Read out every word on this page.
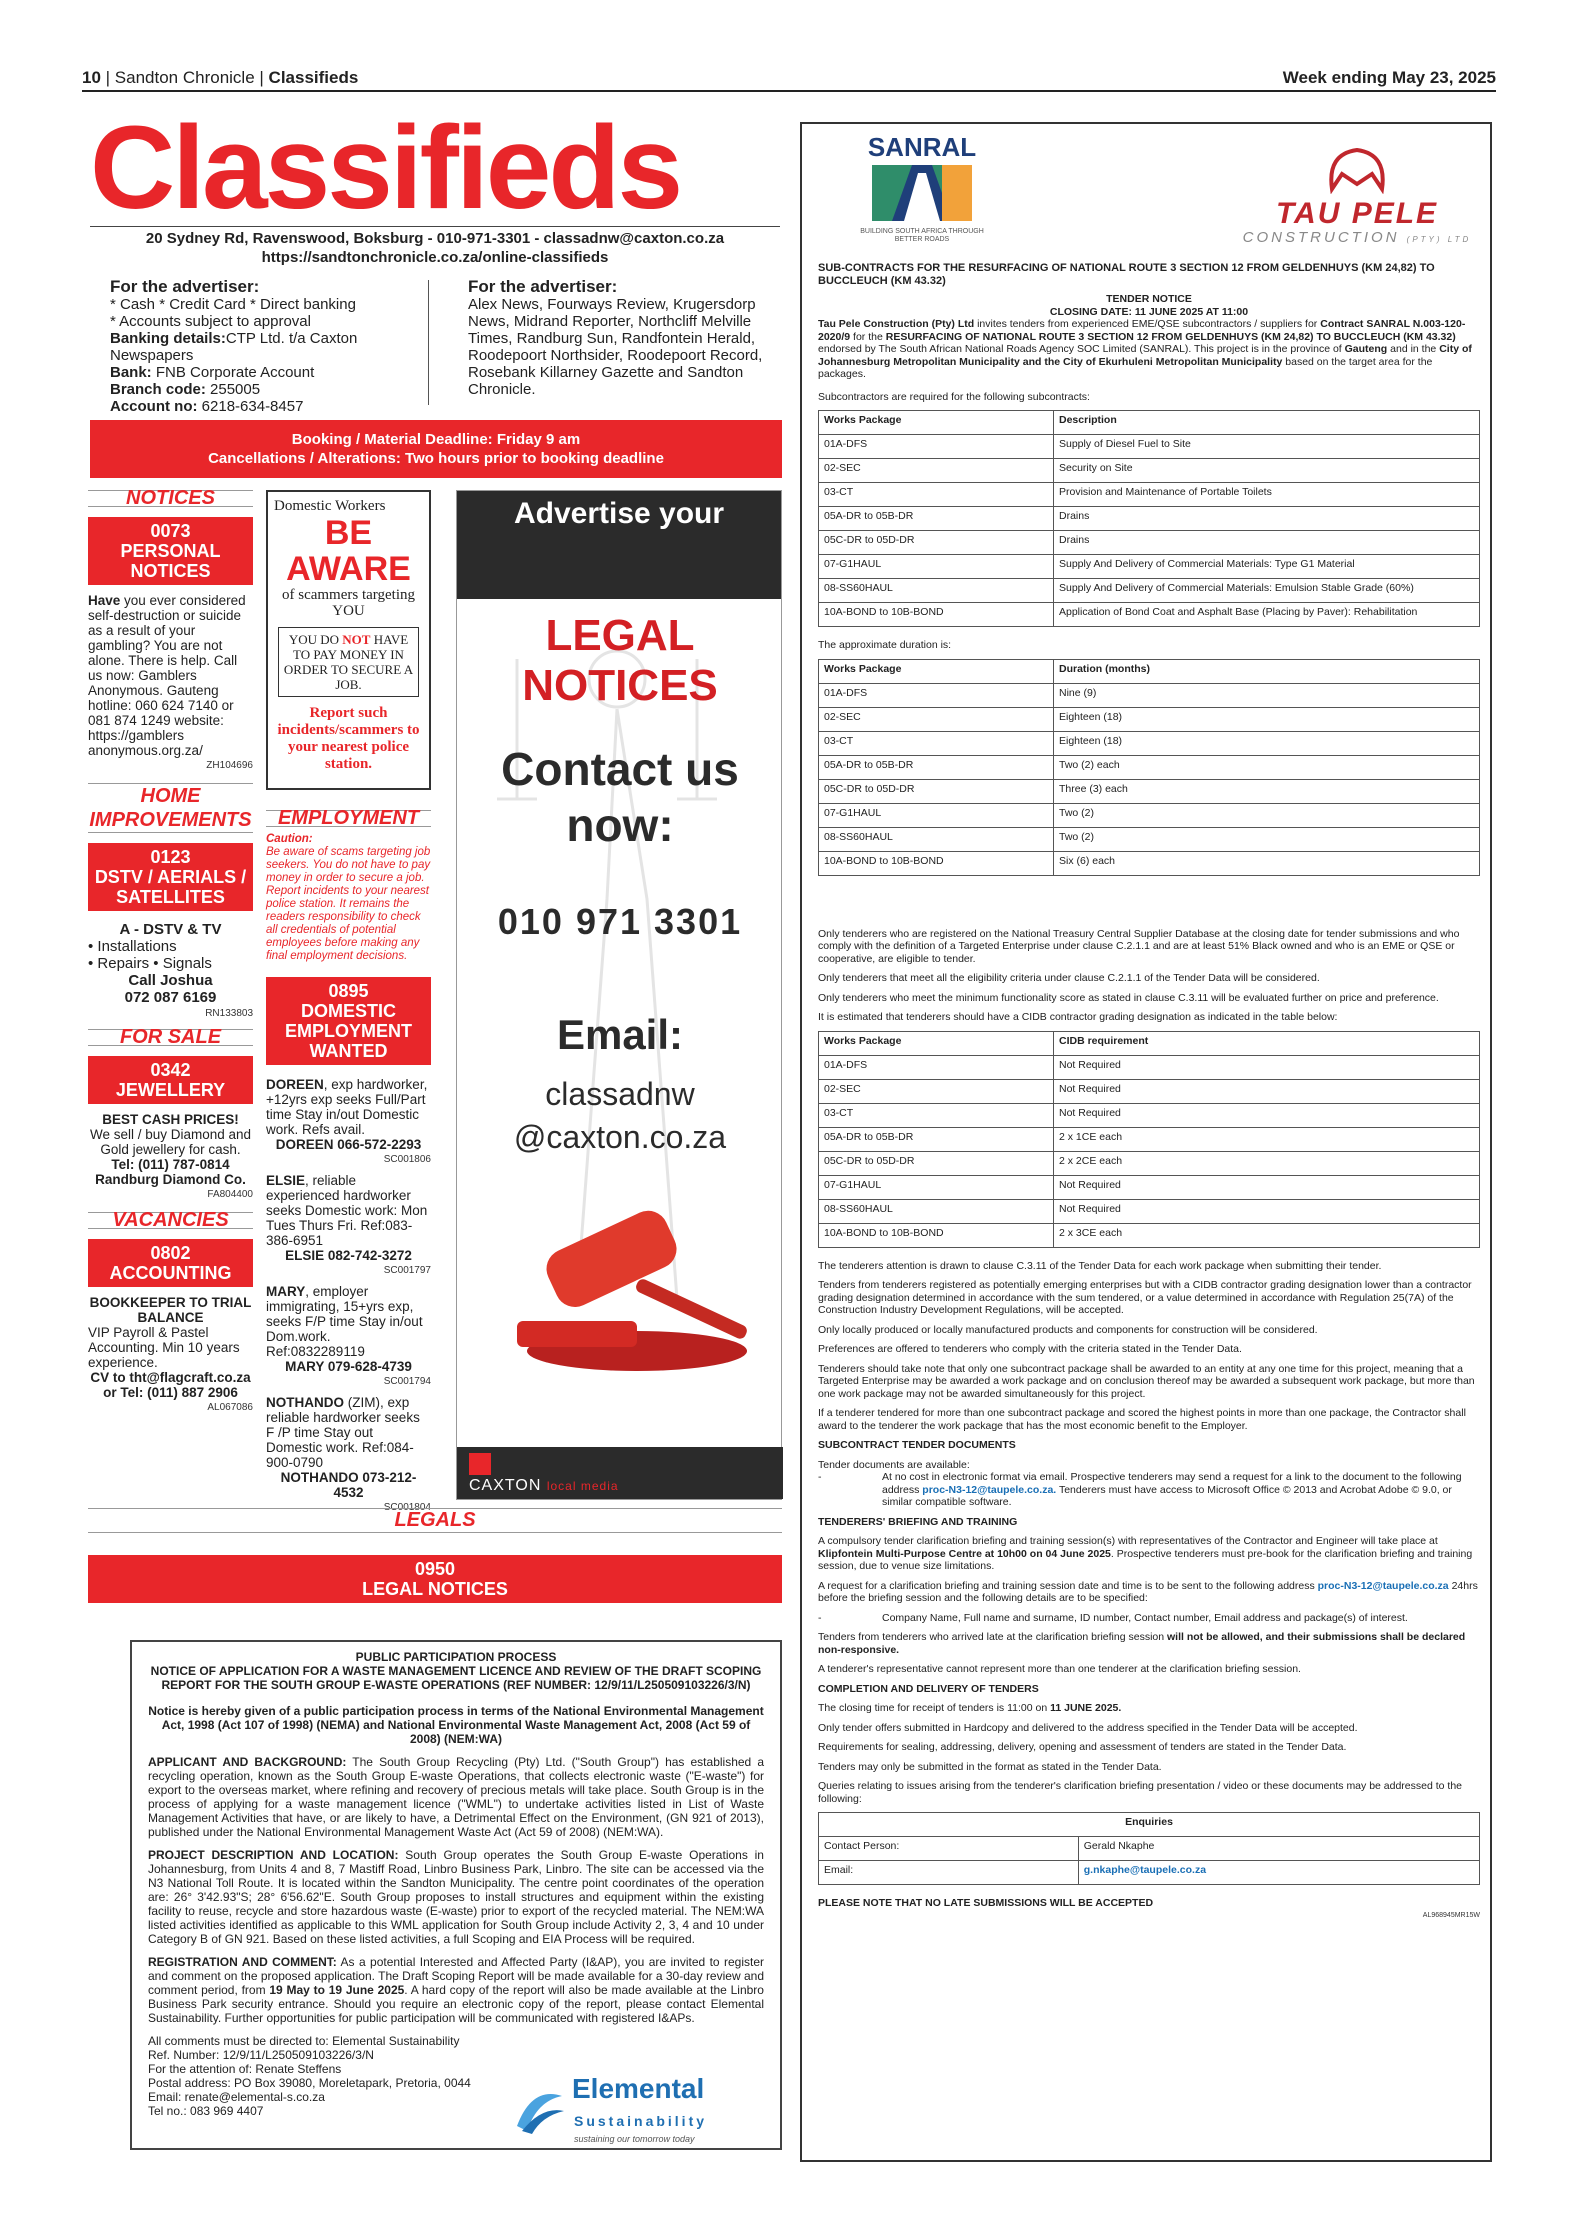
10 | Sandton Chronicle | Classifieds	Week ending May 23, 2025
Classifieds
20 Sydney Rd, Ravenswood, Boksburg - 010-971-3301 - classadnw@caxton.co.za
https://sandtonchronicle.co.za/online-classifieds
For the advertiser:
* Cash * Credit Card * Direct banking
* Accounts subject to approval
Banking details:CTP Ltd. t/a Caxton Newspapers
Bank: FNB Corporate Account
Branch code: 255005
Account no: 6218-634-8457
For the advertiser:
Alex News, Fourways Review, Krugersdorp News, Midrand Reporter, Northcliff Melville Times, Randburg Sun, Randfontein Herald, Roodepoort Northsider, Roodepoort Record, Rosebank Killarney Gazette and Sandton Chronicle.
Booking / Material Deadline: Friday 9 am
Cancellations / Alterations: Two hours prior to booking deadline
NOTICES
0073
PERSONAL NOTICES
Have you ever considered self-destruction or suicide as a result of your gambling? You are not alone. There is help. Call us now: Gamblers Anonymous. Gauteng hotline: 060 624 7140 or 081 874 1249 website: https://gamblers anonymous.org.za/
ZH104696
HOME IMPROVEMENTS
0123
DSTV / AERIALS / SATELLITES
A - DSTV & TV
• Installations
• Repairs • Signals
Call Joshua
072 087 6169
RN133803
FOR SALE
0342
JEWELLERY
BEST CASH PRICES!
We sell / buy Diamond and Gold jewellery for cash.
Tel: (011) 787-0814
Randburg Diamond Co.
FA804400
VACANCIES
0802
ACCOUNTING
BOOKKEEPER TO TRIAL BALANCE
VIP Payroll & Pastel Accounting. Min 10 years experience.
CV to tht@flagcraft.co.za
or Tel: (011) 887 2906
AL067086
Domestic Workers
BE AWARE
of scammers targeting YOU
YOU DO NOT HAVE TO PAY MONEY IN ORDER TO SECURE A JOB.
Report such incidents/scammers to your nearest police station.
EMPLOYMENT
Caution:
Be aware of scams targeting job seekers. You do not have to pay money in order to secure a job. Report incidents to your nearest police station. It remains the readers responsibility to check all credentials of potential employees before making any final employment decisions.
0895
DOMESTIC EMPLOYMENT WANTED
DOREEN, exp hardworker, +12yrs exp seeks Full/Part time Stay in/out Domestic work. Refs avail.
DOREEN 066-572-2293
SC001806
ELSIE, reliable experienced hardworker seeks Domestic work: Mon Tues Thurs Fri. Ref:083-386-6951
ELSIE 082-742-3272
SC001797
MARY, employer immigrating, 15+yrs exp, seeks F/P time Stay in/out Dom.work. Ref:0832289119
MARY 079-628-4739
SC001794
NOTHANDO (ZIM), exp reliable hardworker seeks F /P time Stay out Domestic work. Ref:084-900-0790
NOTHANDO 073-212-4532
SC001804
Advertise your
LEGAL NOTICES
Contact us now:
010 971 3301
Email:
classadnw
@caxton.co.za
CAXTON local media
LEGALS
0950
LEGAL NOTICES
PUBLIC PARTICIPATION PROCESS
NOTICE OF APPLICATION FOR A WASTE MANAGEMENT LICENCE AND REVIEW OF THE DRAFT SCOPING REPORT FOR THE SOUTH GROUP E-WASTE OPERATIONS (REF NUMBER: 12/9/11/L250509103226/3/N)

Notice is hereby given of a public participation process in terms of the National Environmental Management Act, 1998 (Act 107 of 1998) (NEMA) and National Environmental Waste Management Act, 2008 (Act 59 of 2008) (NEM:WA)

APPLICANT AND BACKGROUND: The South Group Recycling (Pty) Ltd. ("South Group") has established a recycling operation, known as the South Group E-waste Operations, that collects electronic waste ("E-waste") for export to the overseas market, where refining and recovery of precious metals will take place. South Group is in the process of applying for a waste management licence ("WML") to undertake activities listed in List of Waste Management Activities that have, or are likely to have, a Detrimental Effect on the Environment, (GN 921 of 2013), published under the National Environmental Management Waste Act (Act 59 of 2008) (NEM:WA).

PROJECT DESCRIPTION AND LOCATION: South Group operates the South Group E-waste Operations in Johannesburg, from Units 4 and 8, 7 Mastiff Road, Linbro Business Park, Linbro. The site can be accessed via the N3 National Toll Route. It is located within the Sandton Municipality. The centre point coordinates of the operation are: 26° 3'42.93"S; 28° 6'56.62"E. South Group proposes to install structures and equipment within the existing facility to reuse, recycle and store hazardous waste (E-waste) prior to export of the recycled material. The NEM:WA listed activities identified as applicable to this WML application for South Group include Activity 2, 3, 4 and 10 under Category B of GN 921. Based on these listed activities, a full Scoping and EIA Process will be required.

REGISTRATION AND COMMENT: As a potential Interested and Affected Party (I&AP), you are invited to register and comment on the proposed application. The Draft Scoping Report will be made available for a 30-day review and comment period, from 19 May to 19 June 2025. A hard copy of the report will also be made available at the Linbro Business Park security entrance. Should you require an electronic copy of the report, please contact Elemental Sustainability. Further opportunities for public participation will be communicated with registered I&APs.

All comments must be directed to: Elemental Sustainability
Ref. Number: 12/9/11/L250509103226/3/N
For the attention of: Renate Steffens
Postal address: PO Box 39080, Moreletapark, Pretoria, 0044
Email: renate@elemental-s.co.za
Tel no.: 083 969 4407
Elemental
Sustainability
sustaining our tomorrow today
SANRAL
BUILDING SOUTH AFRICA THROUGH BETTER ROADS
TAU PELE
CONSTRUCTION (PTY) LTD
SUB-CONTRACTS FOR THE RESURFACING OF NATIONAL ROUTE 3 SECTION 12 FROM GELDENHUYS (KM 24,82) TO BUCCLEUCH (KM 43.32)
TENDER NOTICE
CLOSING DATE: 11 JUNE 2025 AT 11:00

Tau Pele Construction (Pty) Ltd invites tenders from experienced EME/QSE subcontractors / suppliers for Contract SANRAL N.003-120-2020/9 for the RESURFACING OF NATIONAL ROUTE 3 SECTION 12 FROM GELDENHUYS (KM 24,82) TO BUCCLEUCH (KM 43.32) endorsed by The South African National Roads Agency SOC Limited (SANRAL). This project is in the province of Gauteng and in the City of Johannesburg Metropolitan Municipality and the City of Ekurhuleni Metropolitan Municipality based on the target area for the packages.

Subcontractors are required for the following subcontracts:

Works Package	Description
01A-DFS	Supply of Diesel Fuel to Site
02-SEC	Security on Site
03-CT	Provision and Maintenance of Portable Toilets
05A-DR to 05B-DR	Drains
05C-DR to 05D-DR	Drains
07-G1HAUL	Supply And Delivery of Commercial Materials: Type G1 Material
08-SS60HAUL	Supply And Delivery of Commercial Materials: Emulsion Stable Grade (60%)
10A-BOND to 10B-BOND	Application of Bond Coat and Asphalt Base (Placing by Paver): Rehabilitation

The approximate duration is:

Works Package	Duration (months)
01A-DFS	Nine (9)
02-SEC	Eighteen (18)
03-CT	Eighteen (18)
05A-DR to 05B-DR	Two (2) each
05C-DR to 05D-DR	Three (3) each
07-G1HAUL	Two (2)
08-SS60HAUL	Two (2)
10A-BOND to 10B-BOND	Six (6) each

Only tenderers who are registered on the National Treasury Central Supplier Database at the closing date for tender submissions and who comply with the definition of a Targeted Enterprise under clause C.2.1.1 and are at least 51% Black owned and who is an EME or QSE or cooperative, are eligible to tender.

Only tenderers that meet all the eligibility criteria under clause C.2.1.1 of the Tender Data will be considered.

Only tenderers who meet the minimum functionality score as stated in clause C.3.11 will be evaluated further on price and preference.

It is estimated that tenderers should have a CIDB contractor grading designation as indicated in the table below:

Works Package	CIDB requirement
01A-DFS	Not Required
02-SEC	Not Required
03-CT	Not Required
05A-DR to 05B-DR	2 x 1CE each
05C-DR to 05D-DR	2 x 2CE each
07-G1HAUL	Not Required
08-SS60HAUL	Not Required
10A-BOND to 10B-BOND	2 x 3CE each

The tenderers attention is drawn to clause C.3.11 of the Tender Data for each work package when submitting their tender.

Tenders from tenderers registered as potentially emerging enterprises but with a CIDB contractor grading designation lower than a contractor grading designation determined in accordance with the sum tendered, or a value determined in accordance with Regulation 25(7A) of the Construction Industry Development Regulations, will be accepted.

Only locally produced or locally manufactured products and components for construction will be considered.

Preferences are offered to tenderers who comply with the criteria stated in the Tender Data.

Tenderers should take note that only one subcontract package shall be awarded to an entity at any one time for this project, meaning that a Targeted Enterprise may be awarded a work package and on conclusion thereof may be awarded a subsequent work package, but more than one work package may not be awarded simultaneously for this project.

If a tenderer tendered for more than one subcontract package and scored the highest points in more than one package, the Contractor shall award to the tenderer the work package that has the most economic benefit to the Employer.

SUBCONTRACT TENDER DOCUMENTS

Tender documents are available:

-	At no cost in electronic format via email. Prospective tenderers may send a request for a link to the document to the following address proc-N3-12@taupele.co.za. Tenderers must have access to Microsoft Office © 2013 and Acrobat Adobe © 9.0, or similar compatible software.

TENDERERS' BRIEFING AND TRAINING

A compulsory tender clarification briefing and training session(s) with representatives of the Contractor and Engineer will take place at Klipfontein Multi-Purpose Centre at 10h00 on 04 June 2025. Prospective tenderers must pre-book for the clarification briefing and training session, due to venue size limitations.

A request for a clarification briefing and training session date and time is to be sent to the following address proc-N3-12@taupele.co.za 24hrs before the briefing session and the following details are to be specified:

-	Company Name, Full name and surname, ID number, Contact number, Email address and package(s) of interest.

Tenders from tenderers who arrived late at the clarification briefing session will not be allowed, and their submissions shall be declared non-responsive.

A tenderer's representative cannot represent more than one tenderer at the clarification briefing session.

COMPLETION AND DELIVERY OF TENDERS

The closing time for receipt of tenders is 11:00 on 11 JUNE 2025.

Only tender offers submitted in Hardcopy and delivered to the address specified in the Tender Data will be accepted.

Requirements for sealing, addressing, delivery, opening and assessment of tenders are stated in the Tender Data.

Tenders may only be submitted in the format as stated in the Tender Data.

Queries relating to issues arising from the tenderer's clarification briefing presentation / video or these documents may be addressed to the following:

Enquiries	
Contact Person:	Gerald Nkaphe
Email:	g.nkaphe@taupele.co.za
PLEASE NOTE THAT NO LATE SUBMISSIONS WILL BE ACCEPTED
AL968945MR15W
